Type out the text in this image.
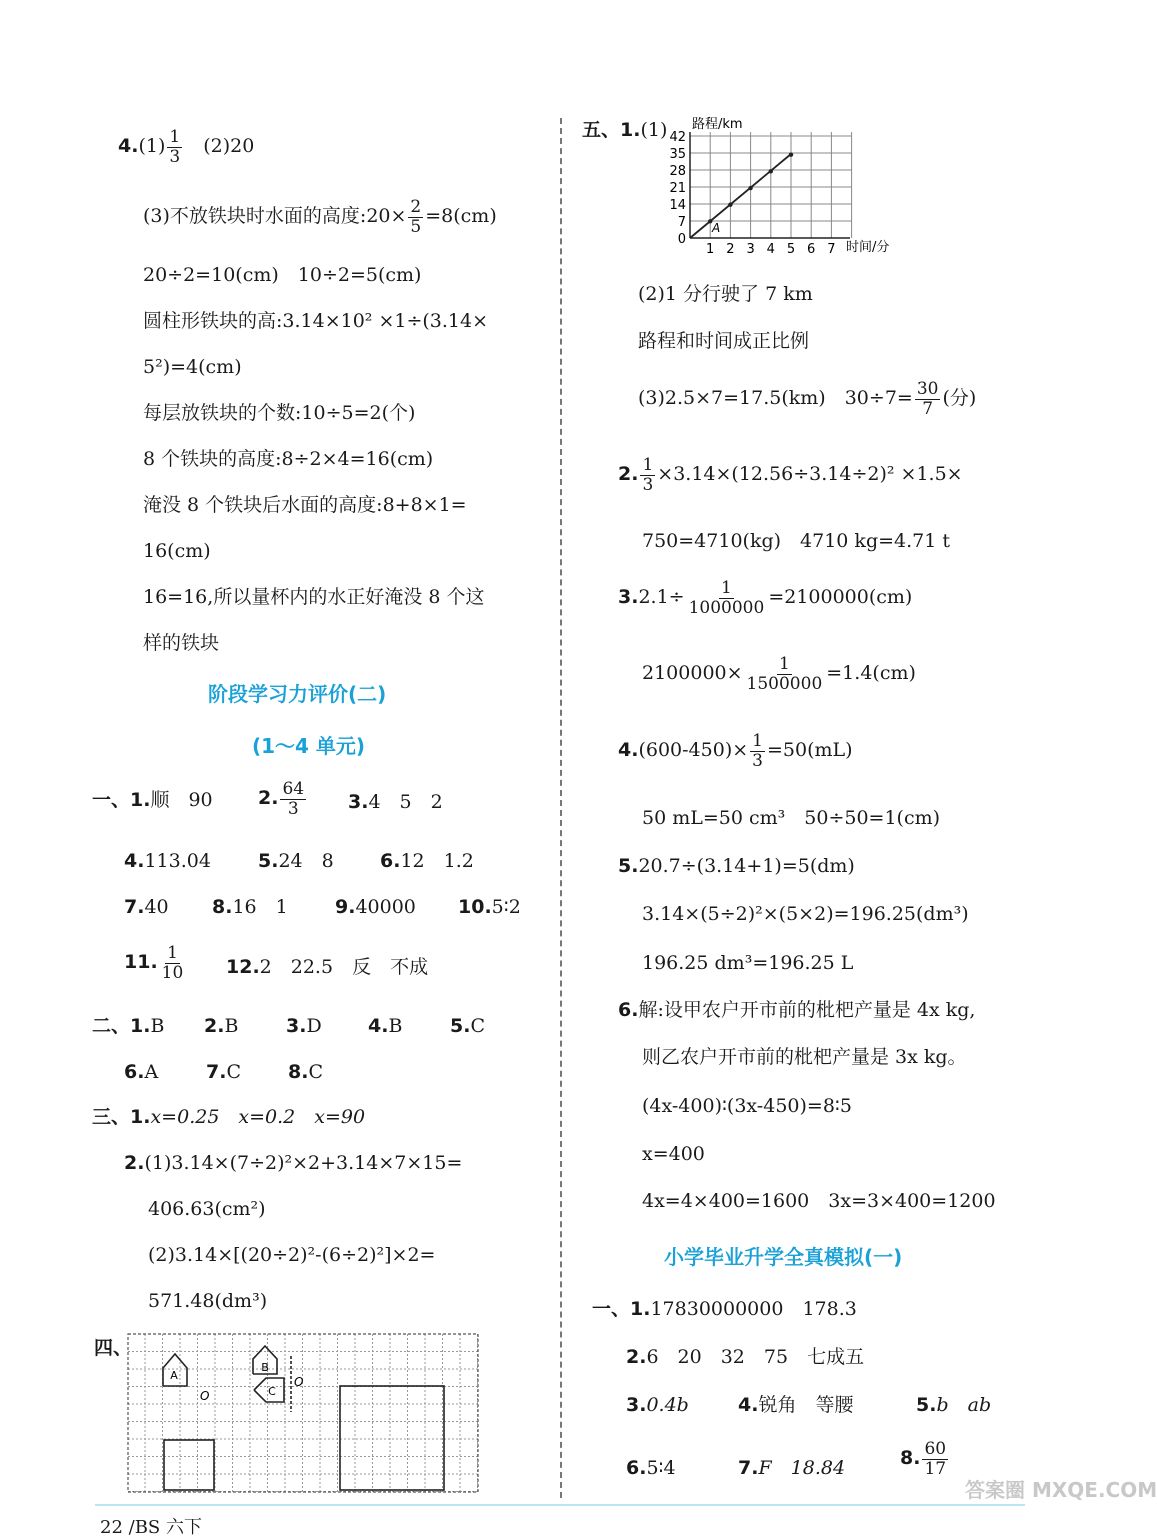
$4.(1) \frac{1}{3}$
　 (2)20
(3)不放铁块时水面的高度:20× $\frac{2}{5} =8(cm)$
20÷2=10(cm)　10÷2=5(cm)
圆柱形铁块的高:3.14×10² ×1÷(3.14×
5²)=4(cm)
每层放铁块的个数:10÷5=2(个)
8 个铁块的高度:8÷2×4=16(cm)
淹没 8 个铁块后水面的高度:8+8×1=
16(cm)
16=16,所以量杯内的水正好淹没 8 个这
样的铁块
阶段学习力评价(二)
(1～4 单元)
一、1.顺　90 2. $\frac{64}{3} 3.4$　5　2
4.113.04 5.24　8 6.12　1.2
7.40 8.16　1 9.40000 10.5∶2
11. $\frac{1}{10} 12.2$　22.5　反　不成
二、1.B 2.B	3.D 4.B	5.C
6.A	7.C 8.C
三、1.x=0.25　x=0.2　x=90
2.(1)3.14×(7÷2)²×2+3.14×7×15=
406.63(cm²)
(2)3.14×[(20÷2)²-(6÷2)²]×2=
571.48(dm³)
四、
A
B
C
O
O
五、1.(1) 路程/km
0
7
14
21
28
35
42
1 2 3 4 5 6 7
A
时间/分
(2)1 分行驶了 7 km
路程和时间成正比例
(3)2.5×7=17.5(km)　$30\div 7= \frac{30}{7}$ (分)
2. $\frac{1}{3} \times 3.14\times(12.56\div 3.14\div 2)^2 \times 1.5\times$
750=4710(kg)　4710 kg=4.71 t
$3.2.1\div \frac{1}{1000000} =2100000(cm)$
$2100000\times \frac{1}{1500000} =1.4(cm)$
$4.(600-450)\times \frac{1}{3} =50(mL)$
50 mL=50 cm³　50÷50=1(cm)
5.20.7÷(3.14+1)=5(dm)
3.14×(5÷2)²×(5×2)=196.25(dm³)
196.25 dm³=196.25 L
6.解:设甲农户开市前的枇杷产量是 4x kg,
则乙农户开市前的枇杷产量是 3x kg。
(4x-400)∶(3x-450)=8∶5
x=400
4x=4×400=1600　3x=3×400=1200
小学毕业升学全真模拟(一)
一、1.17830000000　178.3
2.6　20　32　75　七成五
3.0.4b	4.锐角　等腰	5.b　ab
6.5∶4	7.F　18.84	8. $\frac{60}{17}$
答案圈 MXQE.COM
22 /BS 六下
